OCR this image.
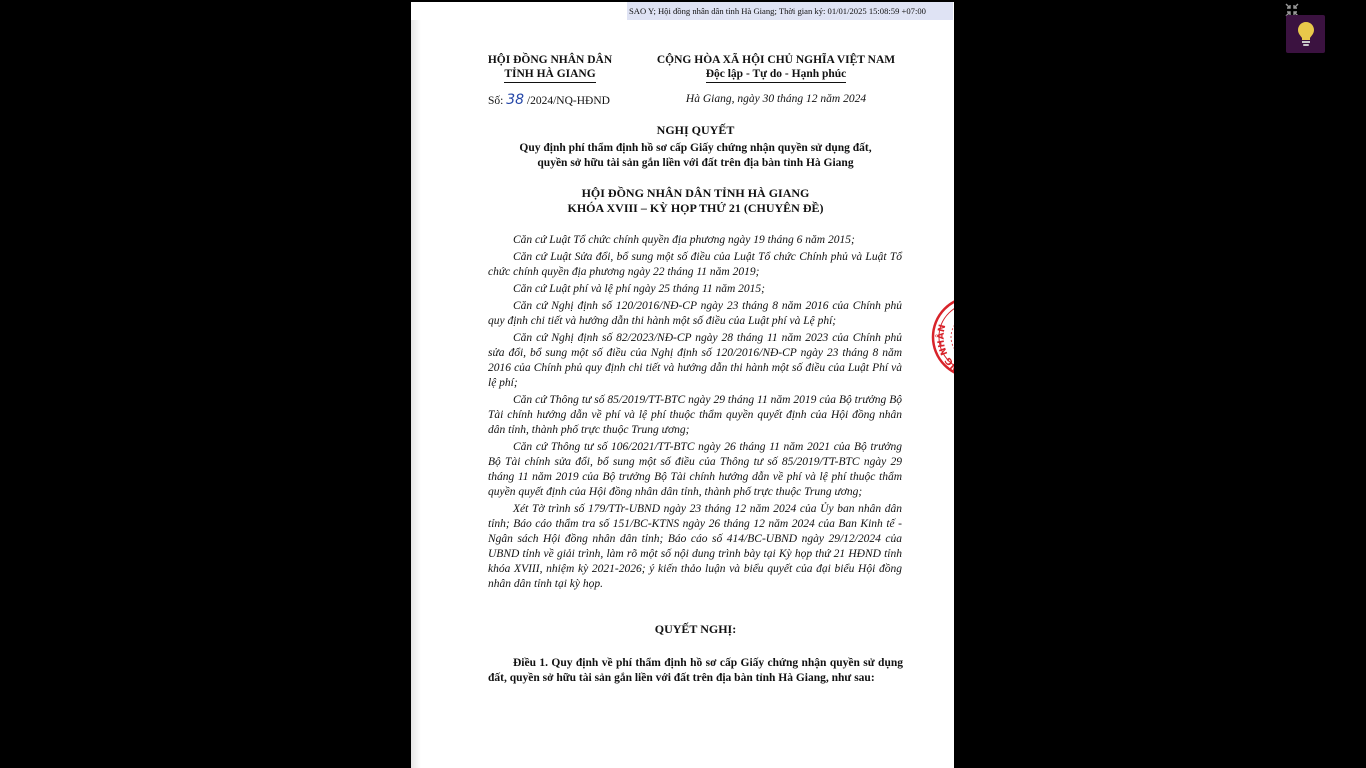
SAO Y; Hội đồng nhân dân tỉnh Hà Giang; Thời gian ký: 01/01/2025 15:08:59 +07:00
HỘI ĐỒNG NHÂN DÂN
TỈNH HÀ GIANG
CỘNG HÒA XÃ HỘI CHỦ NGHĨA VIỆT NAM
Độc lập - Tự do - Hạnh phúc
Số: 38 /2024/NQ-HĐND	Hà Giang, ngày 30 tháng 12 năm 2024
NGHỊ QUYẾT
Quy định phí thẩm định hồ sơ cấp Giấy chứng nhận quyền sử dụng đất,
quyền sở hữu tài sản gắn liền với đất trên địa bàn tỉnh Hà Giang
HỘI ĐỒNG NHÂN DÂN TỈNH HÀ GIANG
KHÓA XVIII – KỲ HỌP THỨ 21 (CHUYÊN ĐỀ)

Căn cứ Luật Tổ chức chính quyền địa phương ngày 19 tháng 6 năm 2015;

Căn cứ Luật Sửa đổi, bổ sung một số điều của Luật Tổ chức Chính phủ và Luật Tổ chức chính quyền địa phương ngày 22 tháng 11 năm 2019;

Căn cứ Luật phí và lệ phí ngày 25 tháng 11 năm 2015;

Căn cứ Nghị định số 120/2016/NĐ-CP ngày 23 tháng 8 năm 2016 của Chính phủ quy định chi tiết và hướng dẫn thi hành một số điều của Luật phí và Lệ phí;

Căn cứ Nghị định số 82/2023/NĐ-CP ngày 28 tháng 11 năm 2023 của Chính phủ sửa đổi, bổ sung một số điều của Nghị định số 120/2016/NĐ-CP ngày 23 tháng 8 năm 2016 của Chính phủ quy định chi tiết và hướng dẫn thi hành một số điều của Luật Phí và lệ phí;

Căn cứ Thông tư số 85/2019/TT-BTC ngày 29 tháng 11 năm 2019 của Bộ trưởng Bộ Tài chính hướng dẫn về phí và lệ phí thuộc thẩm quyền quyết định của Hội đồng nhân dân tỉnh, thành phố trực thuộc Trung ương;

Căn cứ Thông tư số 106/2021/TT-BTC ngày 26 tháng 11 năm 2021 của Bộ trưởng Bộ Tài chính sửa đổi, bổ sung một số điều của Thông tư số 85/2019/TT-BTC ngày 29 tháng 11 năm 2019 của Bộ trưởng Bộ Tài chính hướng dẫn về phí và lệ phí thuộc thẩm quyền quyết định của Hội đồng nhân dân tỉnh, thành phố trực thuộc Trung ương;

Xét Tờ trình số 179/TTr-UBND ngày 23 tháng 12 năm 2024 của Ủy ban nhân dân tỉnh; Báo cáo thẩm tra số 151/BC-KTNS ngày 26 tháng 12 năm 2024 của Ban Kinh tế - Ngân sách Hội đồng nhân dân tỉnh; Báo cáo số 414/BC-UBND ngày 29/12/2024 của UBND tỉnh về giải trình, làm rõ một số nội dung trình bày tại Kỳ họp thứ 21 HĐND tỉnh khóa XVIII, nhiệm kỳ 2021-2026; ý kiến thảo luận và biểu quyết của đại biểu Hội đồng nhân dân tỉnh tại kỳ họp.

QUYẾT NGHỊ:

Điều 1. Quy định về phí thẩm định hồ sơ cấp Giấy chứng nhận quyền sử dụng đất, quyền sở hữu tài sản gắn liền với đất trên địa bàn tỉnh Hà Giang, như sau:

ĐỒNG NHÂN
